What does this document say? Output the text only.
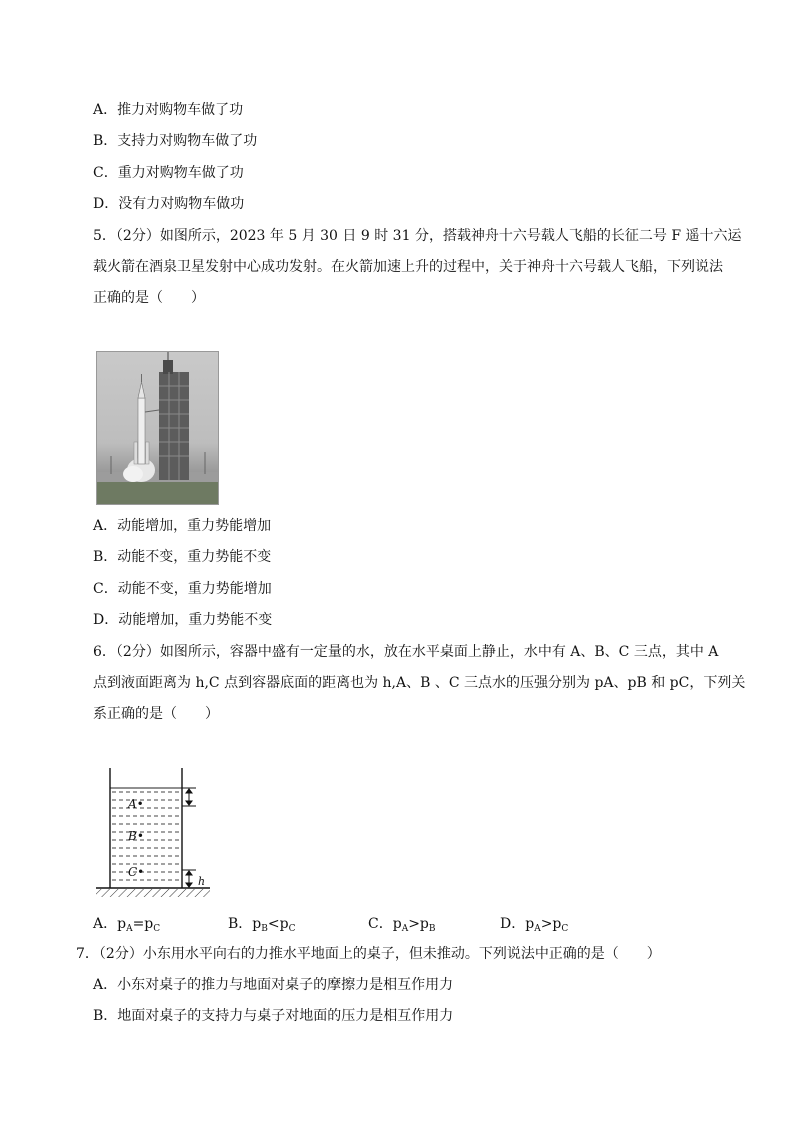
A．推力对购物车做了功
B．支持力对购物车做了功
C．重力对购物车做了功
D．没有力对购物车做功
5．（2分）如图所示，2023 年 5 月 30 日 9 时 31 分，搭载神舟十六号载人飞船的长征二号 F 遥十六运
载火箭在酒泉卫星发射中心成功发射。在火箭加速上升的过程中，关于神舟十六号载人飞船，下列说法
正确的是（　　）
A．动能增加，重力势能增加
B．动能不变，重力势能不变
C．动能不变，重力势能增加
D．动能增加，重力势能不变
6．（2分）如图所示，容器中盛有一定量的水，放在水平桌面上静止，水中有 A、B、C 三点，其中 A
点到液面距离为 h,C 点到容器底面的距离也为 h,A、B 、C 三点水的压强分别为 pA、pB 和 pC，下列关
系正确的是（　　）
A•
B•
C•
h
A．$p_A=p_C$	B．$p_B<p_C$	C．$p_A>p_B$	D．$p_A>p_C$
7．（2分）小东用水平向右的力推水平地面上的桌子，但未推动。下列说法中正确的是（　　）
A．小东对桌子的推力与地面对桌子的摩擦力是相互作用力
B．地面对桌子的支持力与桌子对地面的压力是相互作用力
